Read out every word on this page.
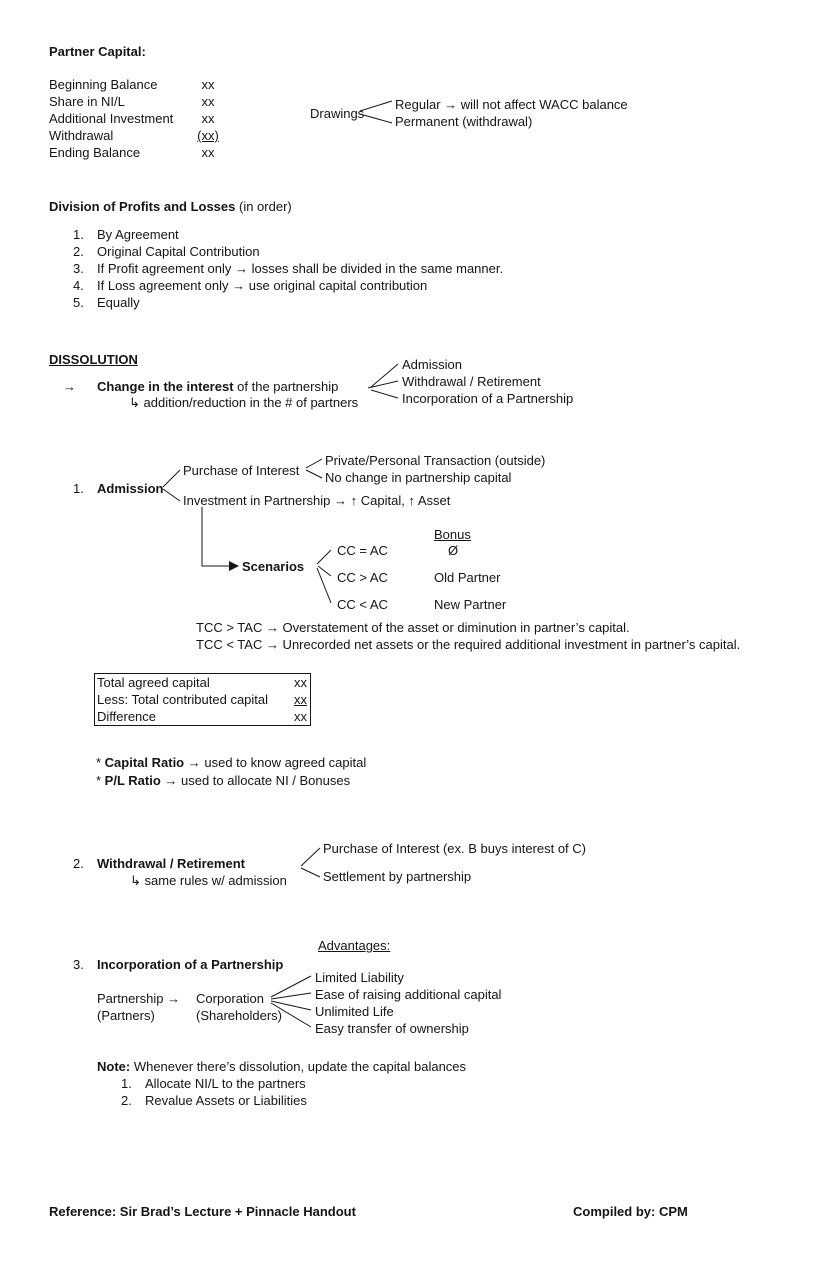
Partner Capital:
Beginning Balance	xx
Share in NI/L	xx
Additional Investment	xx
Withdrawal	(xx)
Ending Balance	xx
Drawings
Regular → will not affect WACC balance
Permanent (withdrawal)
Division of Profits and Losses (in order)
1. By Agreement
2. Original Capital Contribution
3. If Profit agreement only → losses shall be divided in the same manner.
4. If Loss agreement only → use original capital contribution
5. Equally
DISSOLUTION
→ Change in the interest of the partnership
↳ addition/reduction in the # of partners
Admission
Withdrawal / Retirement
Incorporation of a Partnership
1. Admission
Purchase of Interest
Private/Personal Transaction (outside)
No change in partnership capital
Investment in Partnership → ↑ Capital, ↑ Asset
Scenarios
Bonus
CC = AC	Ø
CC > AC	Old Partner
CC < AC	New Partner
TCC > TAC → Overstatement of the asset or diminution in partner’s capital.
TCC < TAC → Unrecorded net assets or the required additional investment in partner’s capital.
Total agreed capital	xx
Less: Total contributed capital	xx
Difference	xx
* Capital Ratio → used to know agreed capital
* P/L Ratio → used to allocate NI / Bonuses
2. Withdrawal / Retirement
↳ same rules w/ admission
Purchase of Interest (ex. B buys interest of C)
Settlement by partnership
Advantages:
3. Incorporation of a Partnership
Limited Liability
Ease of raising additional capital
Unlimited Life
Easy transfer of ownership
Partnership → Corporation
(Partners)	(Shareholders)
Note: Whenever there’s dissolution, update the capital balances
1. Allocate NI/L to the partners
2. Revalue Assets or Liabilities
Reference: Sir Brad’s Lecture + Pinnacle Handout	Compiled by: CPM
